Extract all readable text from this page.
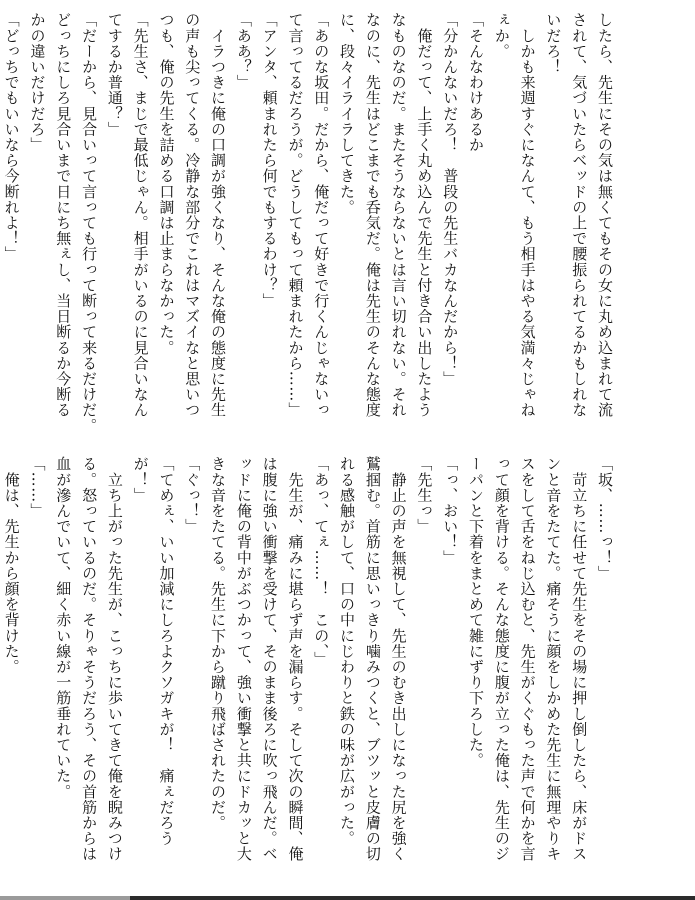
したら、先生にその気は無くてもその女に丸め込まれて流
されて、気づいたらベッドの上で腰振られてるかもしれな
いだろ！
　しかも来週すぐになんて、もう相手はやる気満々じゃね
ぇか。
「そんなわけあるか
「分かんないだろ！　普段の先生バカなんだから！」
　俺だって、上手く丸め込んで先生と付き合い出したよう
なものなのだ。またそうならないとは言い切れない。それ
なのに、先生はどこまでも呑気だ。俺は先生のそんな態度
に、段々イライラしてきた。
「あのな坂田。だから、俺だって好きで行くんじゃないっ
て言ってるだろうが。どうしてもって頼まれたから……」
「アンタ、頼まれたら何でもするわけ？」
「ああ？」
　イラつきに俺の口調が強くなり、そんな俺の態度に先生
の声も尖ってくる。冷静な部分でこれはマズイなと思いつ
つも、俺の先生を詰める口調は止まらなかった。
「先生さ、まじで最低じゃん。相手がいるのに見合いなん
てするか普通？」
「だーから、見合いって言っても行って断って来るだけだ。
どっちにしろ見合いまで日にち無ぇし、当日断るか今断る
かの違いだけだろ」
「どっちでもいいなら今断れよ！」
「坂、……っ！」
　苛立ちに任せて先生をその場に押し倒したら、床がドス
ンと音をたてた。痛そうに顔をしかめた先生に無理やりキ
スをして舌をねじ込むと、先生がくぐもった声で何かを言
って顔を背ける。そんな態度に腹が立った俺は、先生のジ
ーパンと下着をまとめて雑にずり下ろした。
「っ、おい！」
「先生っ」
　静止の声を無視して、先生のむき出しになった尻を強く
鷲掴む。首筋に思いっきり噛みつくと、ブツッと皮膚の切
れる感触がして、口の中にじわりと鉄の味が広がった。
「あっ、てぇ……！　この、」
　先生が、痛みに堪らず声を漏らす。そして次の瞬間、俺
は腹に強い衝撃を受けて、そのまま後ろに吹っ飛んだ。ベ
ッドに俺の背中がぶつかって、強い衝撃と共にドカッと大
きな音をたてる。先生に下から蹴り飛ばされたのだ。
「ぐっ！」
「てめぇ、いい加減にしろよクソガキが！　痛ぇだろう
が！」
　立ち上がった先生が、こっちに歩いてきて俺を睨みつけ
る。怒っているのだ。そりゃそうだろう、その首筋からは
血が滲んでいて、細く赤い線が一筋垂れていた。
「……」
　俺は、先生から顔を背けた。
